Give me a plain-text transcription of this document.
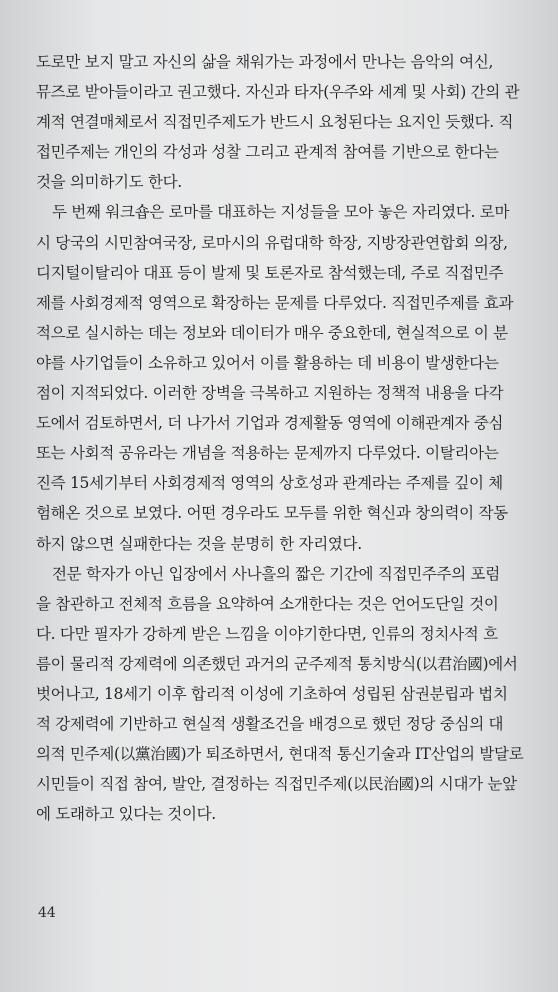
도로만 보지 말고 자신의 삶을 채워가는 과정에서 만나는 음악의 여신,
뮤즈로 받아들이라고 권고했다. 자신과 타자(우주와 세계 및 사회) 간의 관
계적 연결매체로서 직접민주제도가 반드시 요청된다는 요지인 듯했다. 직
접민주제는 개인의 각성과 성찰 그리고 관계적 참여를 기반으로 한다는
것을 의미하기도 한다.
두 번째 워크숍은 로마를 대표하는 지성들을 모아 놓은 자리였다. 로마
시 당국의 시민참여국장, 로마시의 유럽대학 학장, 지방장관연합회 의장,
디지털이탈리아 대표 등이 발제 및 토론자로 참석했는데, 주로 직접민주
제를 사회경제적 영역으로 확장하는 문제를 다루었다. 직접민주제를 효과
적으로 실시하는 데는 정보와 데이터가 매우 중요한데, 현실적으로 이 분
야를 사기업들이 소유하고 있어서 이를 활용하는 데 비용이 발생한다는
점이 지적되었다. 이러한 장벽을 극복하고 지원하는 정책적 내용을 다각
도에서 검토하면서, 더 나가서 기업과 경제활동 영역에 이해관계자 중심
또는 사회적 공유라는 개념을 적용하는 문제까지 다루었다. 이탈리아는
진즉 15세기부터 사회경제적 영역의 상호성과 관계라는 주제를 깊이 체
험해온 것으로 보였다. 어떤 경우라도 모두를 위한 혁신과 창의력이 작동
하지 않으면 실패한다는 것을 분명히 한 자리였다.
전문 학자가 아닌 입장에서 사나흘의 짧은 기간에 직접민주주의 포럼
을 참관하고 전체적 흐름을 요약하여 소개한다는 것은 언어도단일 것이
다. 다만 필자가 강하게 받은 느낌을 이야기한다면, 인류의 정치사적 흐
름이 물리적 강제력에 의존했던 과거의 군주제적 통치방식(以君治國)에서
벗어나고, 18세기 이후 합리적 이성에 기초하여 성립된 삼권분립과 법치
적 강제력에 기반하고 현실적 생활조건을 배경으로 했던 정당 중심의 대
의적 민주제(以黨治國)가 퇴조하면서, 현대적 통신기술과 IT산업의 발달로
시민들이 직접 참여, 발안, 결정하는 직접민주제(以民治國)의 시대가 눈앞
에 도래하고 있다는 것이다.
44
